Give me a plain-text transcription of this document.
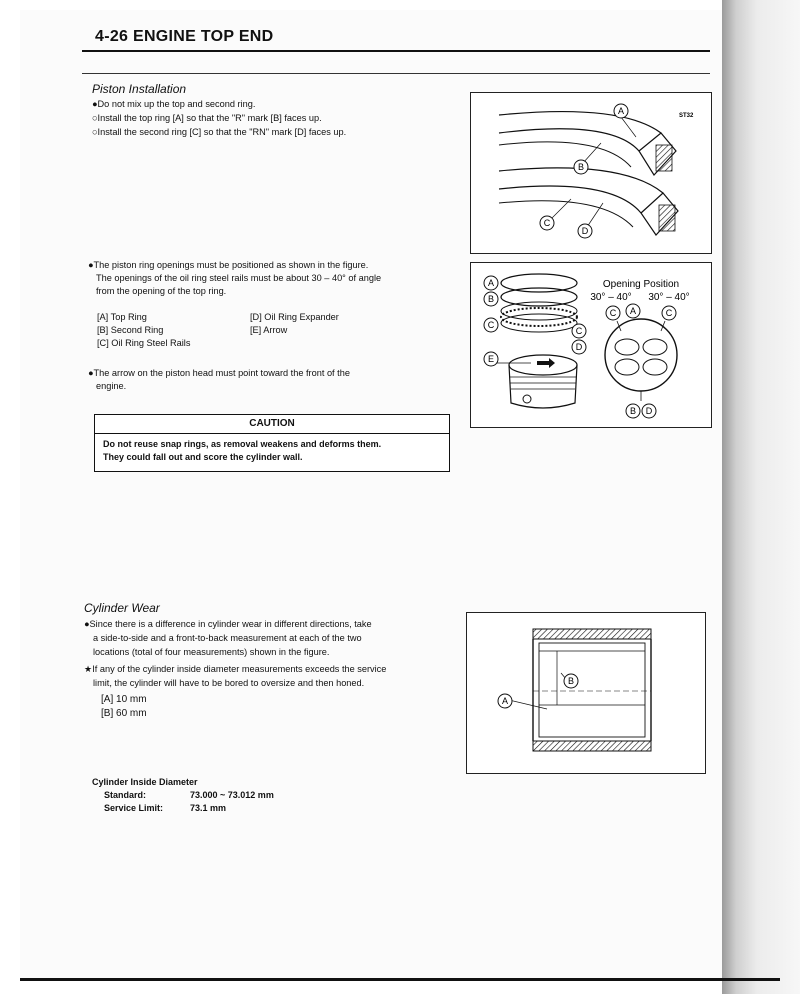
4-26 ENGINE TOP END
Piston Installation
●Do not mix up the top and second ring.
○Install the top ring [A] so that the "R" mark [B] faces up.
○Install the second ring [C] so that the "RN" mark [D] faces up.
A
B
C
D
ST32
●The piston ring openings must be positioned as shown in the figure.
The openings of the oil ring steel rails must be about 30 – 40° of angle
from the opening of the top ring.
[A] Top Ring
[B] Second Ring
[C] Oil Ring Steel Rails
[D] Oil Ring Expander
[E] Arrow
●The arrow on the piston head must point toward the front of the
engine.
A
B
C
C
D
E
Opening Position
30° – 40° 30° – 40°
C A	C
B D
CAUTION
Do not reuse snap rings, as removal weakens and deforms them.
They could fall out and score the cylinder wall.
Cylinder Wear
●Since there is a difference in cylinder wear in different directions, take
a side-to-side and a front-to-back measurement at each of the two
locations (total of four measurements) shown in the figure.
★If any of the cylinder inside diameter measurements exceeds the service
limit, the cylinder will have to be bored to oversize and then honed.
[A] 10 mm
[B] 60 mm
A
B
Cylinder Inside Diameter
Standard:	73.000 ~ 73.012 mm
Service Limit:	73.1 mm
